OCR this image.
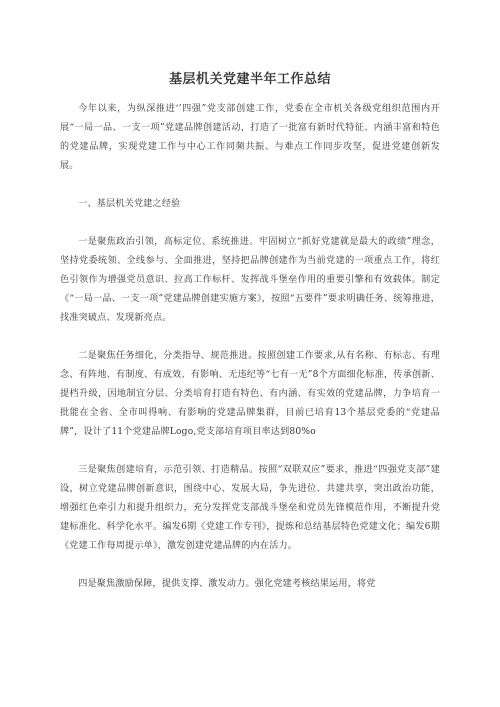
基层机关党建半年工作总结

今年以来，为纵深推进‘’四强”党支部创建工作，党委在全市机关各级党组织范围内开展“一局一品、一支一项”党建品牌创建活动，打造了一批富有新时代特征、内涵丰富和特色的党建品牌，实现党建工作与中心工作同频共振、与难点工作同步攻坚，促进党建创新发展。

一、基层机关党建之经验

一是聚焦政治引领，高标定位、系统推进。牢固树立“抓好党建就是最大的政绩”理念，坚持党委统领、全线参与、全面推进，坚持把品牌创建作为当前党建的一项重点工作，将红色引领作为增强党员意识、拉高工作标杆、发挥战斗堡垒作用的重要引擎和有效载体。制定《“一局一品、一支一项”党建品牌创建实施方案》，按照“五要件”要求明确任务、统筹推进，找准突破点、发现新亮点。

二是聚焦任务细化，分类指导、规范推进。按照创建工作要求,从有名称、有标志、有理念、有阵地、有制度、有成效、有影响、无违纪等“七有一无”8个方面细化标准，传承创新、提档升级，因地制宜分层、分类培育打造有特色、有内涵、有实效的党建品牌，力争培育一批能在全省、全市叫得响、有影响的党建品牌集群，目前已培育13个基层党委的“党建品牌”，设计了11个党建品牌Logo,党支部培育项目率达到80%o

三是聚焦创建培育，示范引领、打造精品。按照“双联双应”要求，推进“四强党支部”建设，树立党建品牌创新意识，围绕中心、发展大局，争先进位、共建共享，突出政治功能，增强红色牵引力和提升组织力，充分发挥党支部战斗堡垒和党员先锋模范作用，不断提升党建标准化、科学化水平。编发6期《党建工作专刊》，提炼和总结基层特色党建文化；编发6期《党建工作每周提示单》，激发创建党建品牌的内在活力。

四是聚焦激励保障，提供支撑、激发动力。强化党建考核结果运用，将党
